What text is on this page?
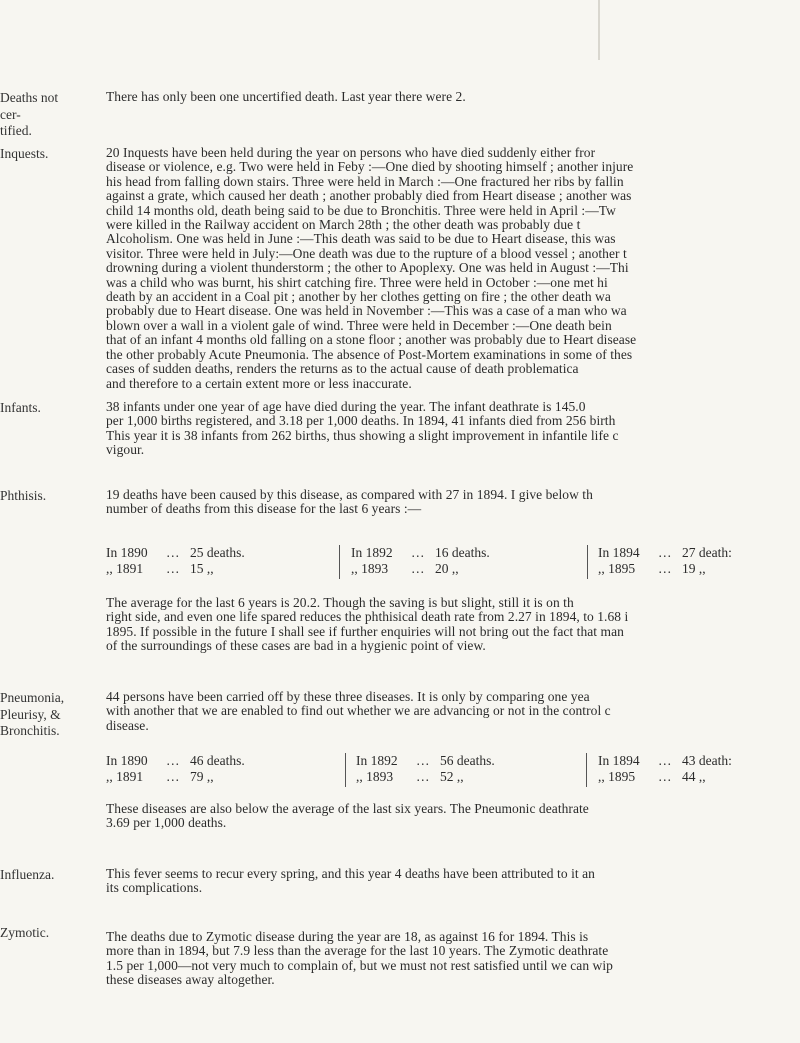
Deaths not cer-
tified.
There has only been one uncertified death. Last year there were 2.
Inquests.	20 Inquests have been held during the year on persons who have died suddenly either fror
disease or violence, e.g. Two were held in Feby :—One died by shooting himself ; another injure
his head from falling down stairs. Three were held in March :—One fractured her ribs by fallin
against a grate, which caused her death ; another probably died from Heart disease ; another was
child 14 months old, death being said to be due to Bronchitis. Three were held in April :—Tw
were killed in the Railway accident on March 28th ; the other death was probably due t
Alcoholism. One was held in June :—This death was said to be due to Heart disease, this was
visitor. Three were held in July:—One death was due to the rupture of a blood vessel ; another t
drowning during a violent thunderstorm ; the other to Apoplexy. One was held in August :—Thi
was a child who was burnt, his shirt catching fire. Three were held in October :—one met hi
death by an accident in a Coal pit ; another by her clothes getting on fire ; the other death wa
probably due to Heart disease. One was held in November :—This was a case of a man who wa
blown over a wall in a violent gale of wind. Three were held in December :—One death bein
that of an infant 4 months old falling on a stone floor ; another was probably due to Heart disease
the other probably Acute Pneumonia. The absence of Post-Mortem examinations in some of thes
cases of sudden deaths, renders the returns as to the actual cause of death problematica
and therefore to a certain extent more or less inaccurate.
Infants.	38 infants under one year of age have died during the year. The infant deathrate is 145.0
per 1,000 births registered, and 3.18 per 1,000 deaths. In 1894, 41 infants died from 256 birth
This year it is 38 infants from 262 births, thus showing a slight improvement in infantile life c
vigour.
Phthisis.	19 deaths have been caused by this disease, as compared with 27 in 1894. I give below th
number of deaths from this disease for the last 6 years :—
In 1890 … 25 deaths.
,, 1891 … 15 ,,
In 1892 … 16 deaths.
,, 1893 … 20 ,,
In 1894 … 27 death:
,, 1895 … 19 ,,
The average for the last 6 years is 20.2. Though the saving is but slight, still it is on th
right side, and even one life spared reduces the phthisical death rate from 2.27 in 1894, to 1.68 i
1895. If possible in the future I shall see if further enquiries will not bring out the fact that man
of the surroundings of these cases are bad in a hygienic point of view.
Pneumonia,
Pleurisy, &
Bronchitis.
44 persons have been carried off by these three diseases. It is only by comparing one yea
with another that we are enabled to find out whether we are advancing or not in the control c
disease.
In 1890 … 46 deaths.
,, 1891 … 79 ,,
In 1892 … 56 deaths.
,, 1893 … 52 ,,
In 1894 … 43 death:
,, 1895 … 44 ,,
These diseases are also below the average of the last six years. The Pneumonic deathrate
3.69 per 1,000 deaths.
Influenza.	This fever seems to recur every spring, and this year 4 deaths have been attributed to it an
its complications.
Zymotic.	The deaths due to Zymotic disease during the year are 18, as against 16 for 1894. This is
more than in 1894, but 7.9 less than the average for the last 10 years. The Zymotic deathrate
1.5 per 1,000—not very much to complain of, but we must not rest satisfied until we can wip
these diseases away altogether.
